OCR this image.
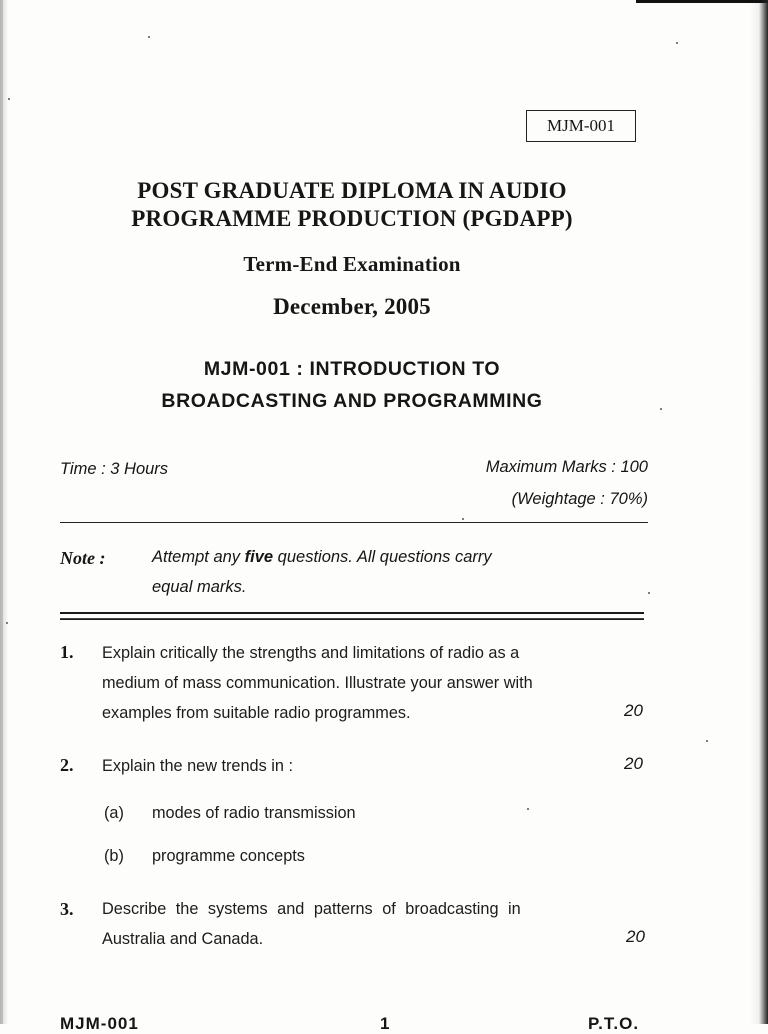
MJM-001
POST GRADUATE DIPLOMA IN AUDIO
PROGRAMME PRODUCTION (PGDAPP)
Term-End Examination
December, 2005
MJM-001 : INTRODUCTION TO
BROADCASTING AND PROGRAMMING
Time : 3 Hours	Maximum Marks : 100
(Weightage : 70%)
Note :	Attempt any five questions. All questions carry
equal marks.
1. Explain critically the strengths and limitations of radio as a
medium of mass communication. Illustrate your answer with
examples from suitable radio programmes.	20
2. Explain the new trends in :	20
(a) modes of radio transmission
(b) programme concepts
3. Describe the systems and patterns of broadcasting in
Australia and Canada.	20
MJM-001	1	P.T.O.
